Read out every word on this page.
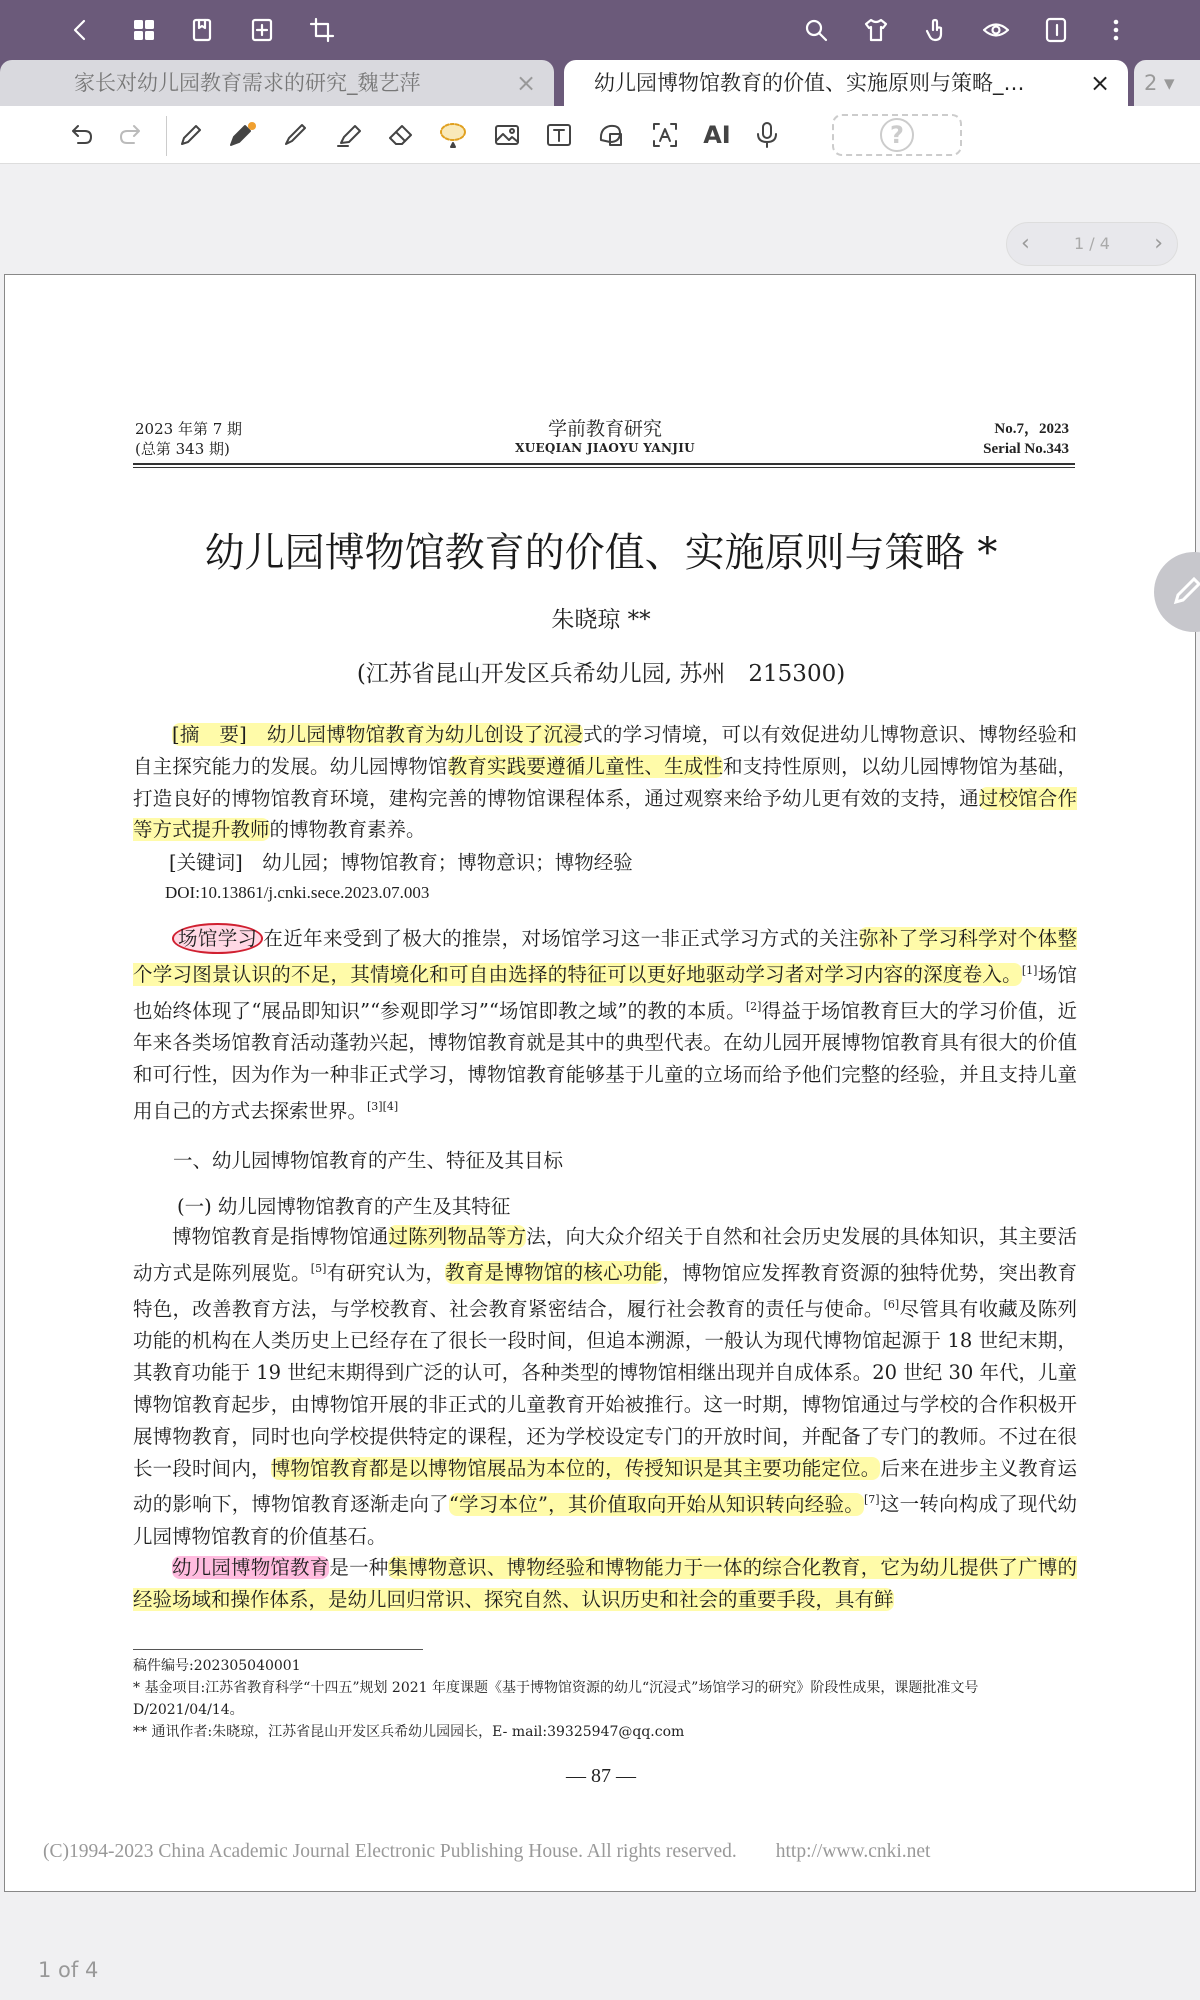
家长对幼儿园教育需求的研究_魏艺萍	×	幼儿园博物馆教育的价值、实施原则与策略_…	×	2 ▾
AI	?
‹	1 / 4 ›
2023 年第 7 期
(总第 343 期)
学前教育研究
XUEQIAN JIAOYU YANJIU
No.7，2023
Serial No.343
幼儿园博物馆教育的价值、实施原则与策略 *
朱晓琼 **
(江苏省昆山开发区兵希幼儿园, 苏州　215300)

[摘　要]　 幼儿园博物馆教育为幼儿创设了沉浸式的学习情境，可以有效促进幼儿博物意识、博物经验和自主探究能力的发展。幼儿园博物馆教育实践要遵循儿童性、生成性和支持性原则，以幼儿园博物馆为基础，打造良好的博物馆教育环境，建构完善的博物馆课程体系，通过观察来给予幼儿更有效的支持，通过校馆合作等方式提升教师的博物教育素养。

[关键词]　幼儿园；博物馆教育；博物意识；博物经验
DOI:10.13861/j.cnki.sece.2023.07.003

场馆学习 在近年来受到了极大的推崇，对场馆学习这一非正式学习方式的关注弥补了学习科学对个体整个学习图景认识的不足，其情境化和可自由选择的特征可以更好地驱动学习者对学习内容的深度卷入。[1]场馆也始终体现了“展品即知识”“参观即学习”“场馆即教之域”的教的本质。[2]得益于场馆教育巨大的学习价值，近年来各类场馆教育活动蓬勃兴起，博物馆教育就是其中的典型代表。在幼儿园开展博物馆教育具有很大的价值和可行性，因为作为一种非正式学习，博物馆教育能够基于儿童的立场而给予他们完整的经验，并且支持儿童用自己的方式去探索世界。[3][4]

一、幼儿园博物馆教育的产生、特征及其目标
(一) 幼儿园博物馆教育的产生及其特征

博物馆教育是指博物馆通过陈列物品等方法，向大众介绍关于自然和社会历史发展的具体知识，其主要活动方式是陈列展览。[5]有研究认为，教育是博物馆的核心功能，博物馆应发挥教育资源的独特优势，突出教育特色，改善教育方法，与学校教育、社会教育紧密结合，履行社会教育的责任与使命。[6]尽管具有收藏及陈列功能的机构在人类历史上已经存在了很长一段时间，但追本溯源，一般认为现代博物馆起源于 18 世纪末期，其教育功能于 19 世纪末期得到广泛的认可，各种类型的博物馆相继出现并自成体系。20 世纪 30 年代，儿童博物馆教育起步，由博物馆开展的非正式的儿童教育开始被推行。这一时期，博物馆通过与学校的合作积极开展博物教育，同时也向学校提供特定的课程，还为学校设定专门的开放时间，并配备了专门的教师。不过在很长一段时间内，博物馆教育都是以博物馆展品为本位的，传授知识是其主要功能定位。后来在进步主义教育运动的影响下，博物馆教育逐渐走向了“学习本位”，其价值取向开始从知识转向经验。[7]这一转向构成了现代幼儿园博物馆教育的价值基石。

幼儿园博物馆教育是一种集博物意识、博物经验和博物能力于一体的综合化教育，它为幼儿提供了广博的经验场域和操作体系，是幼儿回归常识、探究自然、认识历史和社会的重要手段，具有鲜

稿件编号:202305040001
* 基金项目:江苏省教育科学“十四五”规划 2021 年度课题《基于博物馆资源的幼儿“沉浸式”场馆学习的研究》阶段性成果，课题批准文号 D/2021/04/14。
** 通讯作者:朱晓琼，江苏省昆山开发区兵希幼儿园园长，E- mail:39325947@qq.com
— 87 —
(C)1994-2023 China Academic Journal Electronic Publishing House. All rights reserved.　　http://www.cnki.net
1 of 4
